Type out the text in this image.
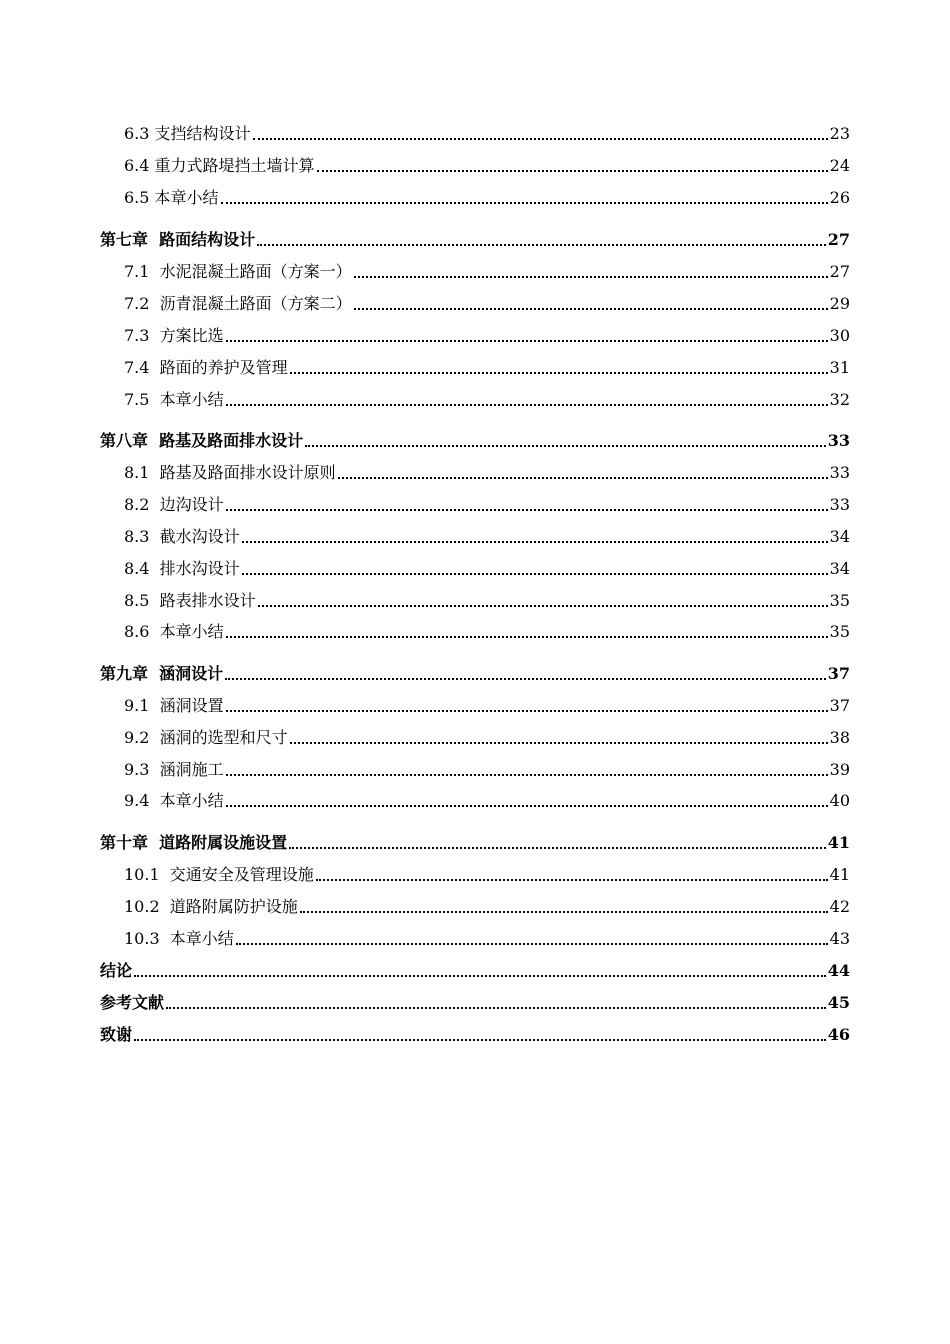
6.3 支挡结构设计	23
6.4 重力式路堤挡土墙计算	24
6.5 本章小结	26
第七章  路面结构设计	27
7.1  水泥混凝土路面（方案一）	27
7.2  沥青混凝土路面（方案二）	29
7.3  方案比选	30
7.4  路面的养护及管理	31
7.5  本章小结	32
第八章  路基及路面排水设计	33
8.1  路基及路面排水设计原则	33
8.2  边沟设计	33
8.3  截水沟设计	34
8.4  排水沟设计	34
8.5  路表排水设计	35
8.6  本章小结	35
第九章  涵洞设计	37
9.1  涵洞设置	37
9.2  涵洞的选型和尺寸	38
9.3  涵洞施工	39
9.4  本章小结	40
第十章  道路附属设施设置	41
10.1  交通安全及管理设施	41
10.2  道路附属防护设施	42
10.3  本章小结	43
结论	44
参考文献	45
致谢	46
